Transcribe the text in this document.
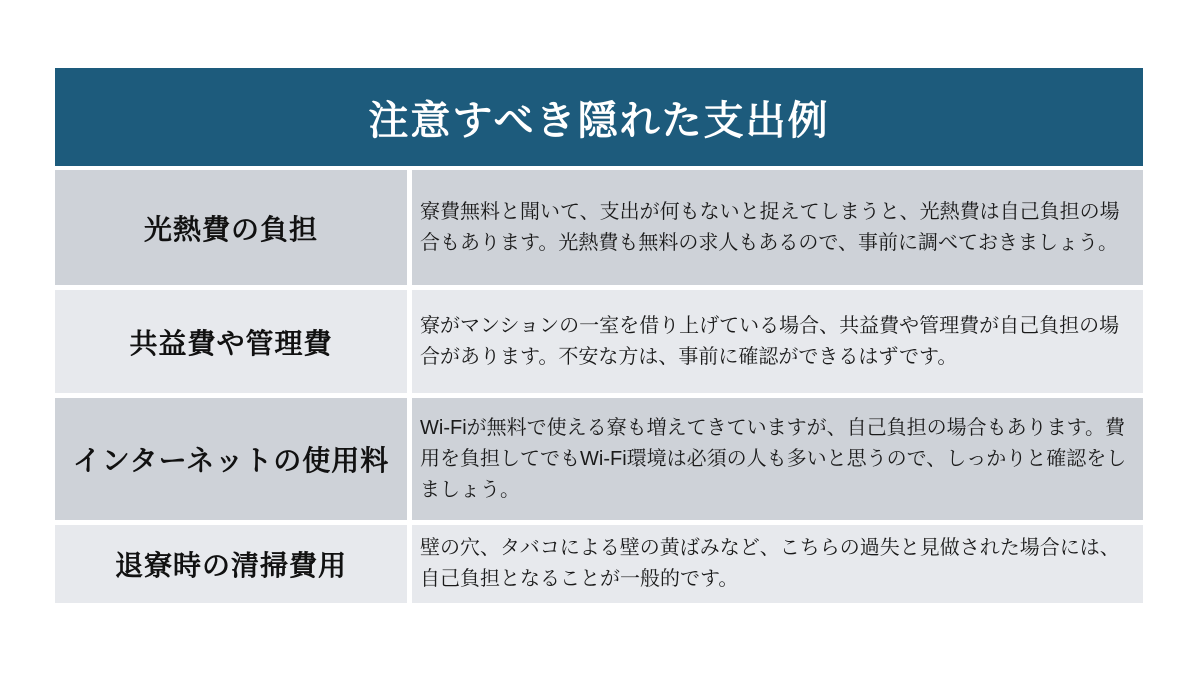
注意すべき隠れた支出例
光熱費の負担
寮費無料と聞いて、支出が何もないと捉えてしまうと、光熱費は自己負担の場合もあります。光熱費も無料の求人もあるので、事前に調べておきましょう。
共益費や管理費
寮がマンションの一室を借り上げている場合、共益費や管理費が自己負担の場合があります。不安な方は、事前に確認ができるはずです。
インターネットの使用料
Wi-Fiが無料で使える寮も増えてきていますが、自己負担の場合もあります。費用を負担してでもWi-Fi環境は必須の人も多いと思うので、しっかりと確認をしましょう。
退寮時の清掃費用
壁の穴、タバコによる壁の黄ばみなど、こちらの過失と見做された場合には、自己負担となることが一般的です。
